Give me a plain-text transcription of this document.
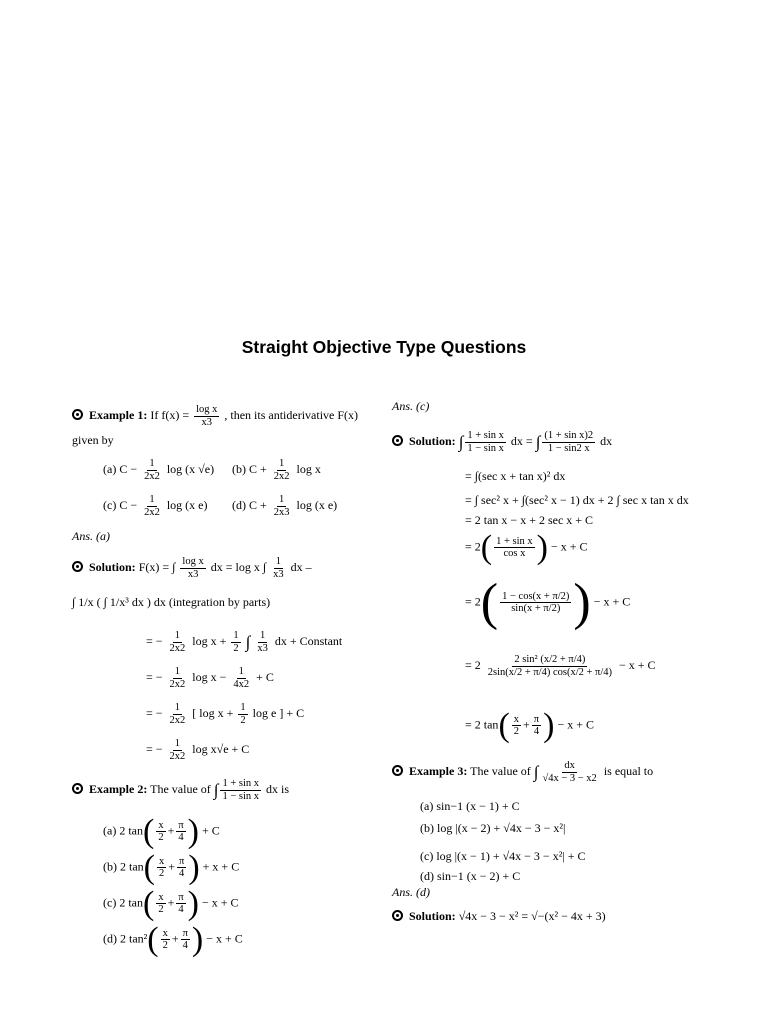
Straight Objective Type Questions
Example 1: If $f(x) = \frac{\text{log x}}{x3}$ , then its antiderivative F(x)
given by
(a) $C - \frac{1}{2x2}$ log (x √e) (b) $C + \frac{1}{2x2}$ log x
(c) $C - \frac{1}{2x2}$ log (x e) (d) $C + \frac{1}{2x3}$ log (x e)
Ans. (a)
Solution: F(x) = ∫ $\frac{\text{log x}}{x3}$ dx = log x ∫ $\frac{1}{x3}$ dx –
∫ 1/x ( ∫ 1/x³ dx ) dx (integration by parts)
= − $\frac{1}{2x2}$ $\log x + \frac{1}{2}$ ∫ $\frac{1}{x3}$ dx + Constant
= − $\frac{1}{2x2}$ $\log x - \frac{1}{4x2} + C$
= − $\frac{1}{2x2}$ [ $\log x + \frac{1}{2}$ log e ] + C
= − $\frac{1}{2x2}$ log x√e + C
Example 2: The value of ∫ $\frac{\text{1 + sin x}}{\text{1 − sin x}}$ dx is
(a) 2 $\tan( \frac{x}{2} + \frac{\pi}{4}$ ) + C
(b) 2 $\tan( \frac{x}{2} + \frac{\pi}{4}$ ) + x + C
(c) 2 $\tan( \frac{x}{2} + \frac{\pi}{4}$ ) − x + C
(d) 2 $\tan^2( \frac{x}{2} + \frac{\pi}{4}$ ) − x + C
Ans. (c)
Solution: ∫ $\frac{\text{1 + sin x}}{\text{1 − sin x}}$ dx = ∫ $\frac{\text{(1 + sin x)2}}{1 - \sin 2 x}$ dx
= ∫(sec x + tan x)² dx
= ∫ sec² x + ∫(sec² x − 1) dx + 2 ∫ sec x tan x dx
= 2 tan x − x + 2 sec x + C
= $2( \frac{\text{1 + sin x}}{\text{cos x}}$ ) − x + C
= $2( \frac{1 - \cos(x + \pi/2)}{\sin(x + \pi/2)}$ ) − x + C
= $2 \frac{\text{2 sin² (x/2 + π/4)}}{2\sin(x/2 + \pi/4) \cos(x/2 + \pi/4)} - x + C$
= 2 $\tan( \frac{x}{2} + \frac{\pi}{4}$ ) − x + C
Example 3: The value of ∫ $\frac{dx}{√4x - 3 - x2}$ is equal to
(a) sin−1 (x − 1) + C
(b) log |(x − 2) + √4x − 3 − x²|
(c) log |(x − 1) + √4x − 3 − x²| + C
(d) sin−1 (x − 2) + C
Ans. (d)
Solution: √4x − 3 − x² = √−(x² − 4x + 3)
